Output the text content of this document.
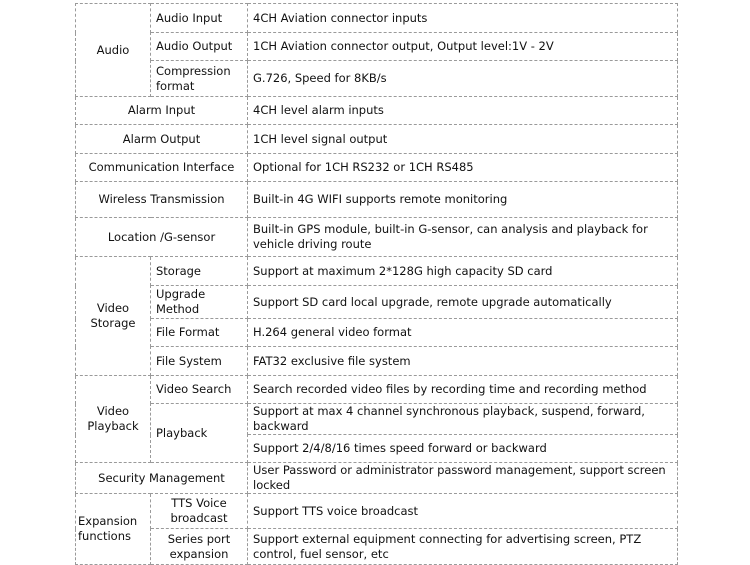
Audio	Audio Input	4CH Aviation connector inputs
	Audio Output	1CH Aviation connector output, Output level:1V - 2V
	Compression format	G.726, Speed for 8KB/s
Alarm Input		4CH level alarm inputs
Alarm Output		1CH level signal output
Communication Interface		Optional for 1CH RS232 or 1CH RS485
Wireless Transmission		Built-in 4G WIFI supports remote monitoring
Location /G-sensor		Built-in GPS module, built-in G-sensor, can analysis and playback for vehicle driving route
Video Storage	Storage	Support at maximum 2*128G high capacity SD card
	Upgrade Method	Support SD card local upgrade, remote upgrade automatically
	File Format	H.264 general video format
	File System	FAT32 exclusive file system
Video Playback	Video Search	Search recorded video files by recording time and recording method
	Playback	Support at max 4 channel synchronous playback, suspend, forward, backward
		Support 2/4/8/16 times speed forward or backward
Security Management		User Password or administrator password management, support screen locked
Expansion functions	TTS Voice broadcast	Support TTS voice broadcast
	Series port expansion	Support external equipment connecting for advertising screen, PTZ control, fuel sensor, etc
